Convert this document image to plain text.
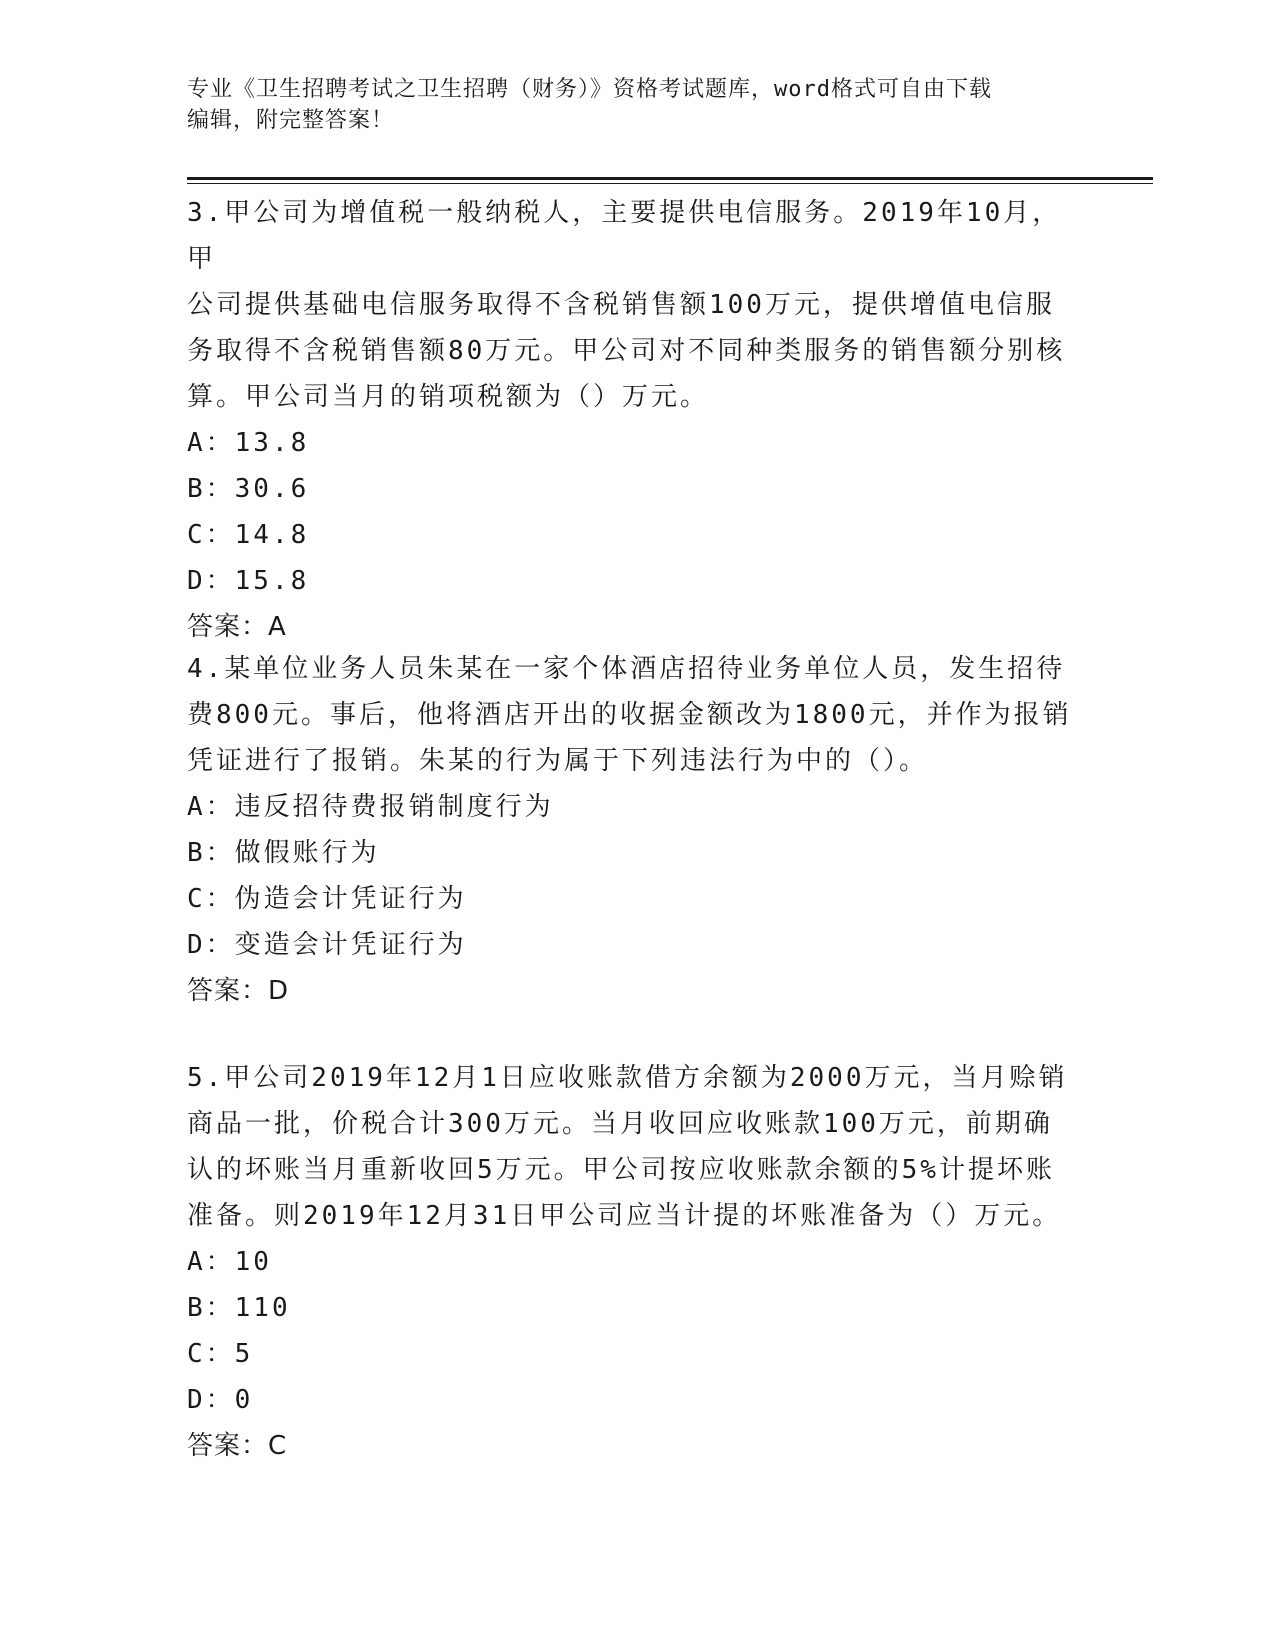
专业《卫生招聘考试之卫生招聘（财务）》资格考试题库，word格式可自由下载
编辑，附完整答案！

3.甲公司为增值税一般纳税人，主要提供电信服务。2019年10月，甲
公司提供基础电信服务取得不含税销售额100万元，提供增值电信服
务取得不含税销售额80万元。甲公司对不同种类服务的销售额分别核
算。甲公司当月的销项税额为（）万元。

A：13.8

B：30.6

C：14.8

D：15.8

答案：A

4.某单位业务人员朱某在一家个体酒店招待业务单位人员，发生招待
费800元。事后，他将酒店开出的收据金额改为1800元，并作为报销
凭证进行了报销。朱某的行为属于下列违法行为中的（）。

A：违反招待费报销制度行为

B：做假账行为

C：伪造会计凭证行为

D：变造会计凭证行为

答案：D

5.甲公司2019年12月1日应收账款借方余额为2000万元，当月赊销
商品一批，价税合计300万元。当月收回应收账款100万元，前期确
认的坏账当月重新收回5万元。甲公司按应收账款余额的5%计提坏账
准备。则2019年12月31日甲公司应当计提的坏账准备为（）万元。

A：10

B：110

C：5

D：0

答案：C
